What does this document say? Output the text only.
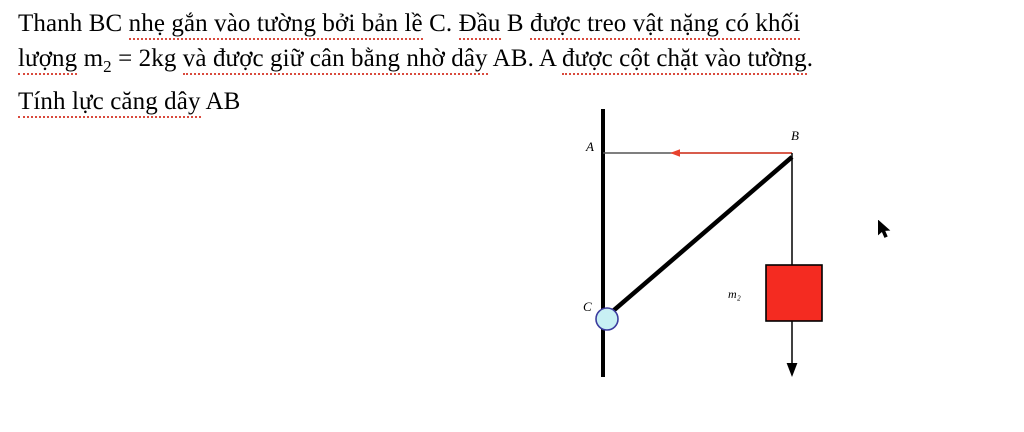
Thanh BC nhẹ gắn vào tường bởi bản lề C. Đầu B được treo vật nặng có khối
lượng $m_2 = 2kg$ và được giữ cân bằng nhờ dây AB. A được cột chặt vào tường.
Tính lực căng dây AB
A
B
C
m₂
